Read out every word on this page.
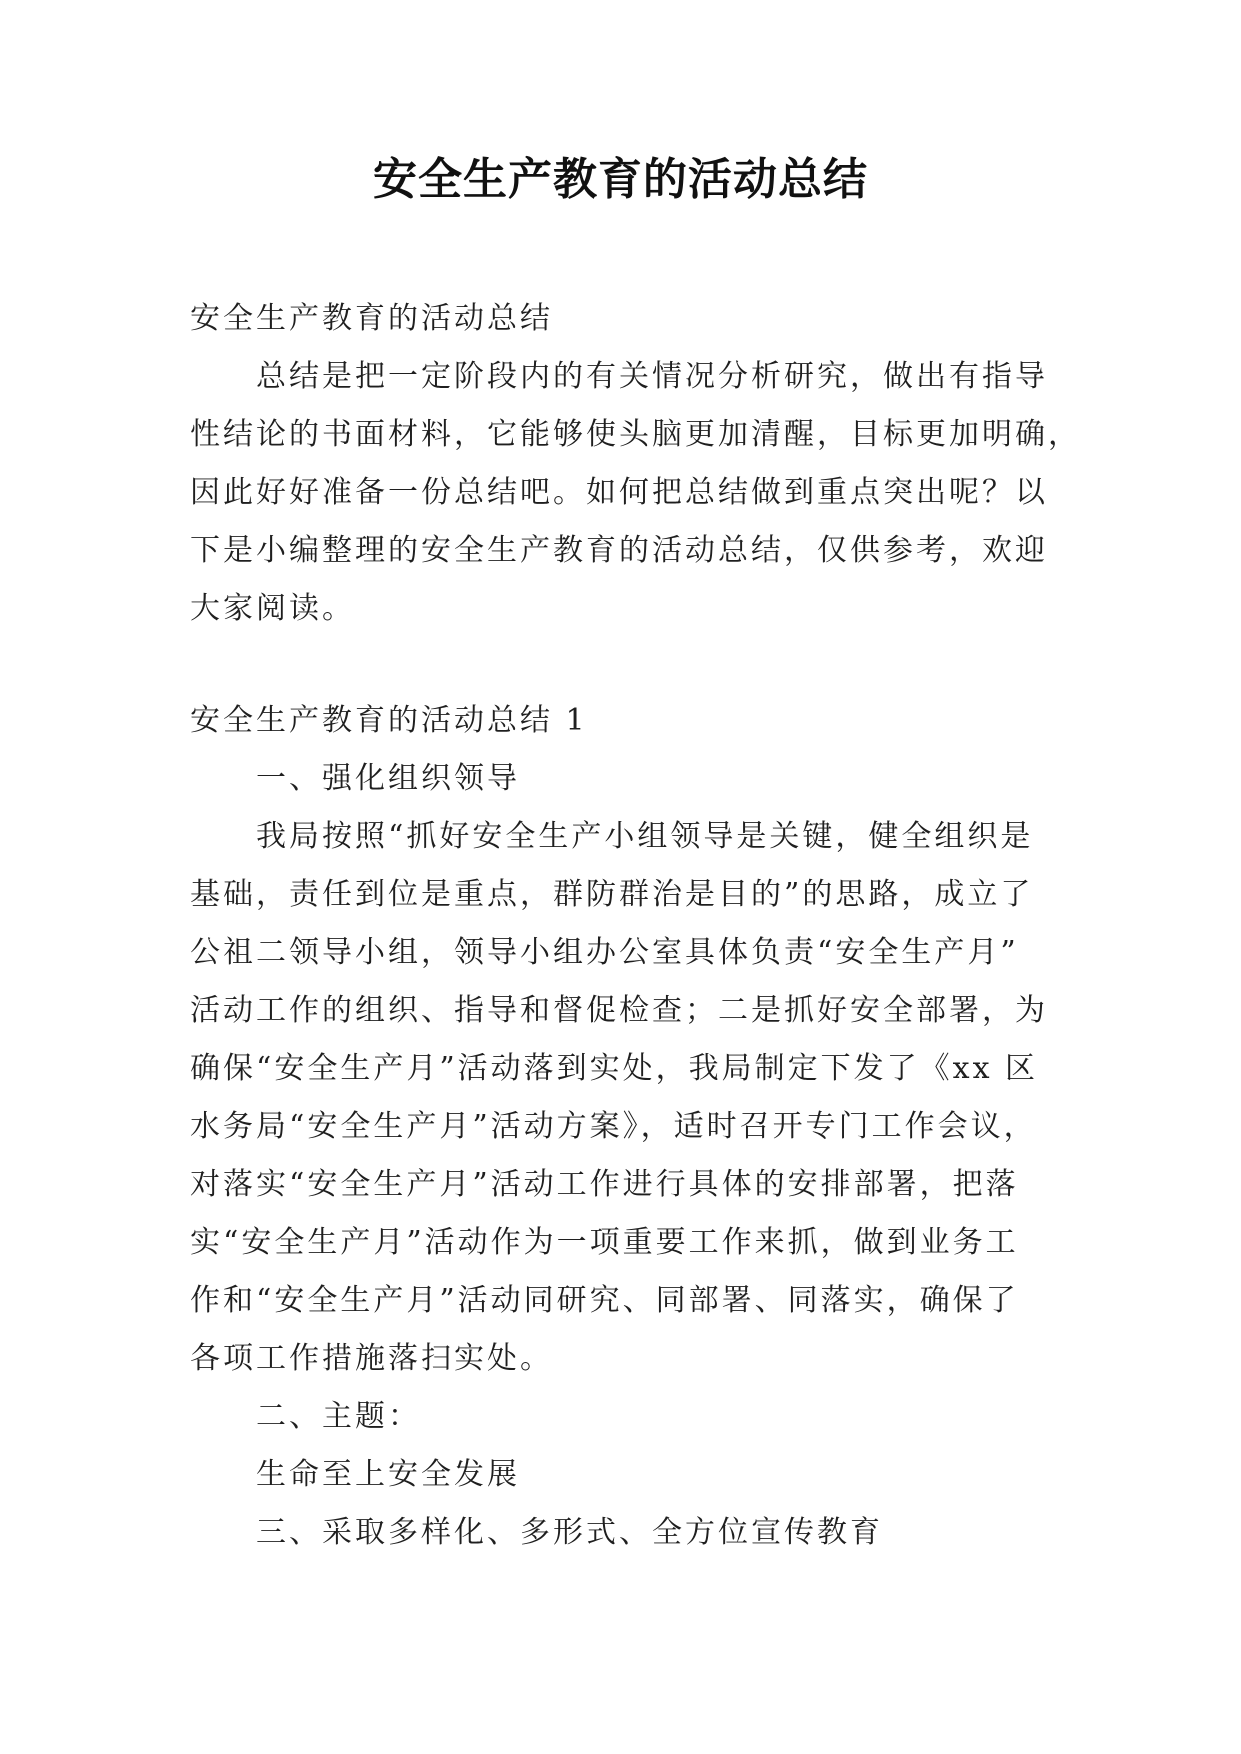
安全生产教育的活动总结
安全生产教育的活动总结
总结是把一定阶段内的有关情况分析研究，做出有指导
性结论的书面材料，它能够使头脑更加清醒，目标更加明确，
因此好好准备一份总结吧。如何把总结做到重点突出呢？以
下是小编整理的安全生产教育的活动总结，仅供参考，欢迎
大家阅读。
安全生产教育的活动总结 1
一、强化组织领导
我局按照“抓好安全生产小组领导是关键，健全组织是
基础，责任到位是重点，群防群治是目的”的思路，成立了
公祖二领导小组，领导小组办公室具体负责“安全生产月”
活动工作的组织、指导和督促检查；二是抓好安全部署，为
确保“安全生产月”活动落到实处，我局制定下发了《xx 区
水务局“安全生产月”活动方案》，适时召开专门工作会议，
对落实“安全生产月”活动工作进行具体的安排部署，把落
实“安全生产月”活动作为一项重要工作来抓，做到业务工
作和“安全生产月”活动同研究、同部署、同落实，确保了
各项工作措施落扫实处。
二、主题：
生命至上安全发展
三、采取多样化、多形式、全方位宣传教育
